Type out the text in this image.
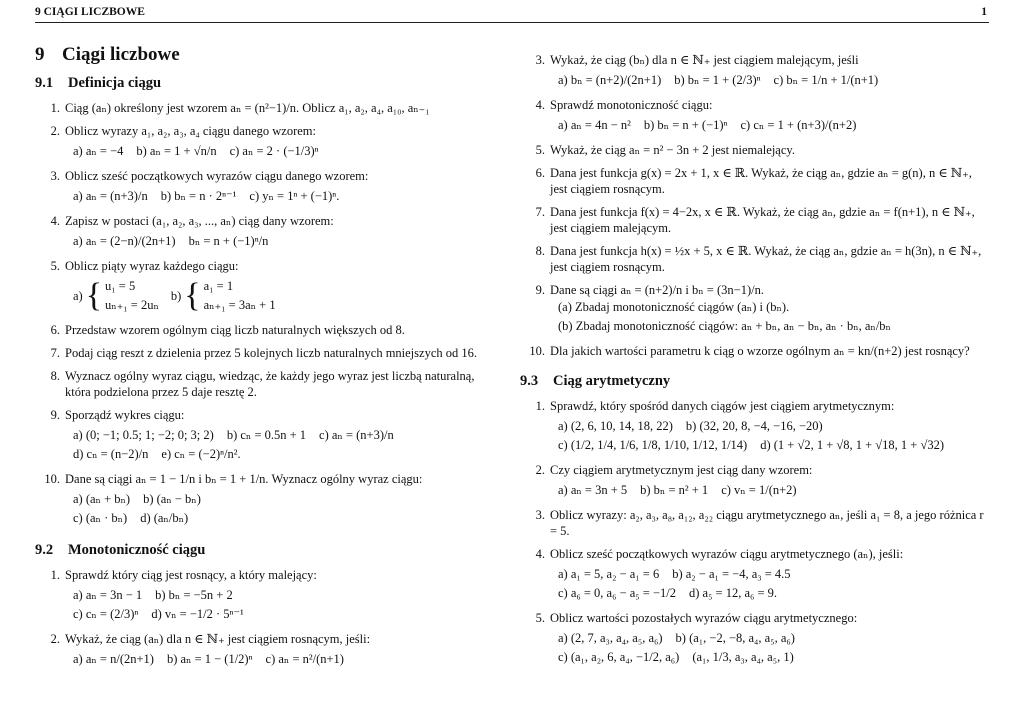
9 CIĄGI LICZBOWE	1
9 Ciągi liczbowe
9.1 Definicja ciągu
1. Ciąg (aₙ) określony jest wzorem aₙ = (n²−1)/n. Oblicz a₁, a₂, a₄, a₁₀, aₙ₋₁
2. Oblicz wyrazy a₁, a₂, a₃, a₄ ciągu danego wzorem:
a) aₙ = −4 b) aₙ = 1 + √n/n c) aₙ = 2 · (−1/3)ⁿ
3. Oblicz sześć początkowych wyrazów ciągu danego wzorem:
a) aₙ = (n+3)/n b) bₙ = n · 2ⁿ⁻¹ c) yₙ = 1ⁿ + (−1)ⁿ.
4. Zapisz w postaci (a₁, a₂, a₃, ..., aₙ) ciąg dany wzorem:
a) aₙ = (2−n)/(2n+1) bₙ = n + (−1)ⁿ/n
5. Oblicz piąty wyraz każdego ciągu:
a) { u₁ = 5
uₙ₊₁ = 2uₙ
b) { a₁ = 1
aₙ₊₁ = 3aₙ + 1
6. Przedstaw wzorem ogólnym ciąg liczb naturalnych większych od 8.
7. Podaj ciąg reszt z dzielenia przez 5 kolejnych liczb naturalnych mniejszych od 16.
8. Wyznacz ogólny wyraz ciągu, wiedząc, że każdy jego wyraz jest liczbą naturalną, która podzielona przez 5 daje resztę 2.
9. Sporządź wykres ciągu:
a) (0; −1; 0.5; 1; −2; 0; 3; 2) b) cₙ = 0.5n + 1 c) aₙ = (n+3)/n
d) cₙ = (n−2)/n e) cₙ = (−2)ⁿ/n².
10. Dane są ciągi aₙ = 1 − 1/n i bₙ = 1 + 1/n. Wyznacz ogólny wyraz ciągu:
a) (aₙ + bₙ) b) (aₙ − bₙ)
c) (aₙ · bₙ) d) (aₙ/bₙ)
9.2 Monotoniczność ciągu
1. Sprawdź który ciąg jest rosnący, a który malejący:
a) aₙ = 3n − 1 b) bₙ = −5n + 2
c) cₙ = (2/3)ⁿ d) vₙ = −1/2 · 5ⁿ⁻¹
2. Wykaż, że ciąg (aₙ) dla n ∈ ℕ₊ jest ciągiem rosnącym, jeśli:
a) aₙ = n/(2n+1) b) aₙ = 1 − (1/2)ⁿ c) aₙ = n²/(n+1)
3. Wykaż, że ciąg (bₙ) dla n ∈ ℕ₊ jest ciągiem malejącym, jeśli
a) bₙ = (n+2)/(2n+1) b) bₙ = 1 + (2/3)ⁿ c) bₙ = 1/n + 1/(n+1)
4. Sprawdź monotoniczność ciągu:
a) aₙ = 4n − n² b) bₙ = n + (−1)ⁿ c) cₙ = 1 + (n+3)/(n+2)
5. Wykaż, że ciąg aₙ = n² − 3n + 2 jest niemalejący.
6. Dana jest funkcja g(x) = 2x + 1, x ∈ ℝ. Wykaż, że ciąg aₙ, gdzie aₙ = g(n), n ∈ ℕ₊, jest ciągiem rosnącym.
7. Dana jest funkcja f(x) = 4−2x, x ∈ ℝ. Wykaż, że ciąg aₙ, gdzie aₙ = f(n+1), n ∈ ℕ₊, jest ciągiem malejącym.
8. Dana jest funkcja h(x) = ½x + 5, x ∈ ℝ. Wykaż, że ciąg aₙ, gdzie aₙ = h(3n), n ∈ ℕ₊, jest ciągiem rosnącym.
9. Dane są ciągi aₙ = (n+2)/n i bₙ = (3n−1)/n.
(a) Zbadaj monotoniczność ciągów (aₙ) i (bₙ).
(b) Zbadaj monotoniczność ciągów: aₙ + bₙ, aₙ − bₙ, aₙ · bₙ, aₙ/bₙ
10. Dla jakich wartości parametru k ciąg o wzorze ogólnym aₙ = kn/(n+2) jest rosnący?
9.3 Ciąg arytmetyczny
1. Sprawdź, który spośród danych ciągów jest ciągiem arytmetycznym:
a) (2, 6, 10, 14, 18, 22) b) (32, 20, 8, −4, −16, −20)
c) (1/2, 1/4, 1/6, 1/8, 1/10, 1/12, 1/14) d) (1 + √2, 1 + √8, 1 + √18, 1 + √32)
2. Czy ciągiem arytmetycznym jest ciąg dany wzorem:
a) aₙ = 3n + 5 b) bₙ = n² + 1 c) vₙ = 1/(n+2)
3. Oblicz wyrazy: a₂, a₃, a₈, a₁₂, a₂₂ ciągu arytmetycznego aₙ, jeśli a₁ = 8, a jego różnica r = 5.
4. Oblicz sześć początkowych wyrazów ciągu arytmetycznego (aₙ), jeśli:
a) a₁ = 5, a₂ − a₁ = 6 b) a₂ − a₁ = −4, a₃ = 4.5
c) a₆ = 0, a₆ − a₅ = −1/2 d) a₅ = 12, a₆ = 9.
5. Oblicz wartości pozostałych wyrazów ciągu arytmetycznego:
a) (2, 7, a₃, a₄, a₅, a₆) b) (a₁, −2, −8, a₄, a₅, a₆)
c) (a₁, a₂, 6, a₄, −1/2, a₆) (a₁, 1/3, a₃, a₄, a₅, 1)
